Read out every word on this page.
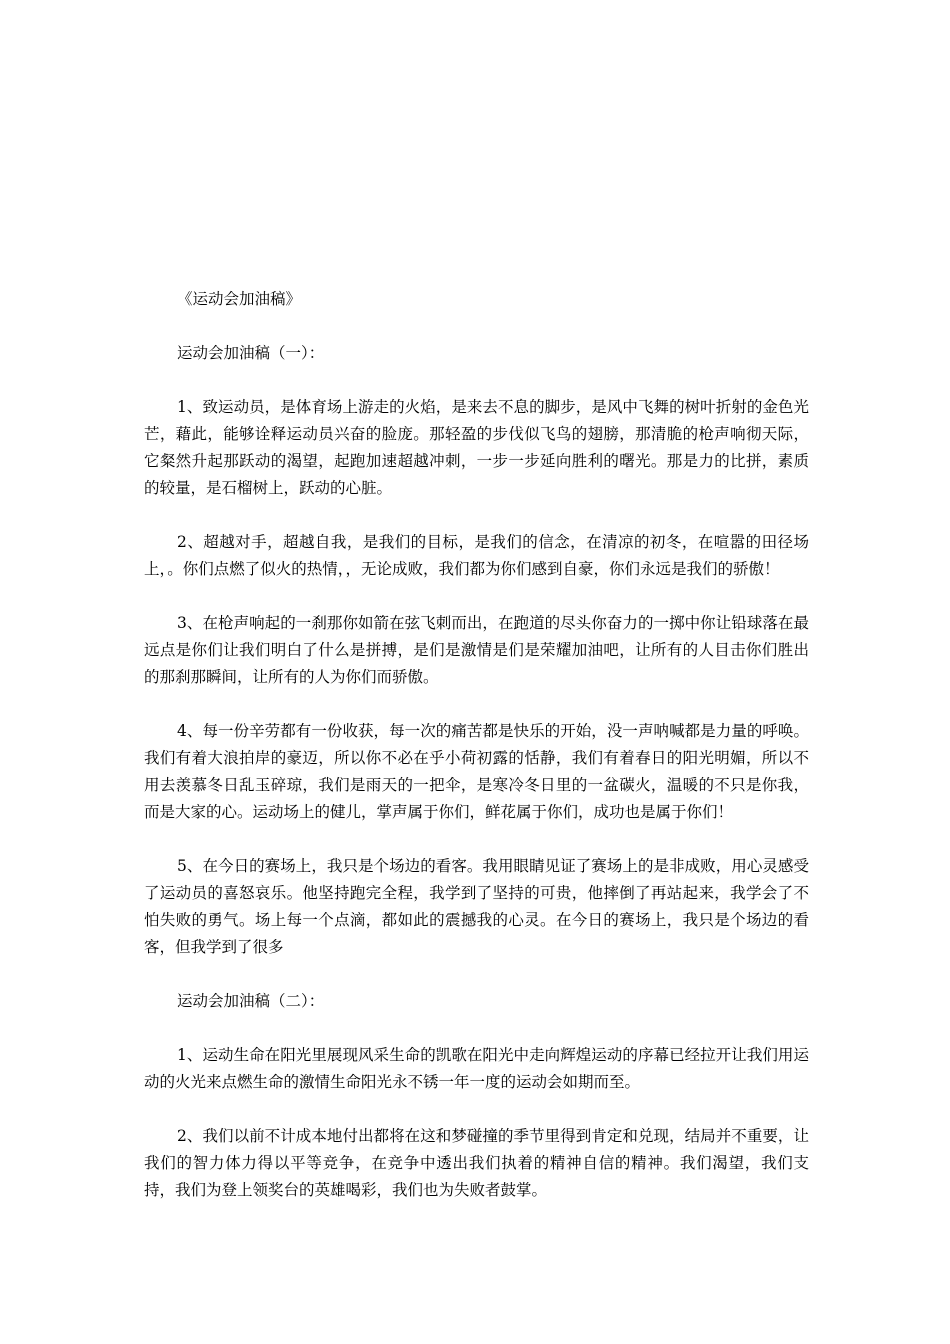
《运动会加油稿》

运动会加油稿（一）：

1、致运动员，是体育场上游走的火焰，是来去不息的脚步，是风中飞舞的树叶折射的金色光芒，藉此，能够诠释运动员兴奋的脸庞。那轻盈的步伐似飞鸟的翅膀，那清脆的枪声响彻天际，它粲然升起那跃动的渴望，起跑加速超越冲刺，一步一步延向胜利的曙光。那是力的比拼，素质的较量，是石榴树上，跃动的心脏。

2、超越对手，超越自我，是我们的目标，是我们的信念，在清凉的初冬，在喧嚣的田径场上，。你们点燃了似火的热情，，无论成败，我们都为你们感到自豪，你们永远是我们的骄傲！

3、在枪声响起的一刹那你如箭在弦飞刺而出，在跑道的尽头你奋力的一掷中你让铅球落在最远点是你们让我们明白了什么是拼搏，是们是激情是们是荣耀加油吧，让所有的人目击你们胜出的那刹那瞬间，让所有的人为你们而骄傲。

4、每一份辛劳都有一份收获，每一次的痛苦都是快乐的开始，没一声呐喊都是力量的呼唤。我们有着大浪拍岸的豪迈，所以你不必在乎小荷初露的恬静，我们有着春日的阳光明媚，所以不用去羡慕冬日乱玉碎琼，我们是雨天的一把伞，是寒冷冬日里的一盆碳火，温暖的不只是你我，而是大家的心。运动场上的健儿，掌声属于你们，鲜花属于你们，成功也是属于你们！

5、在今日的赛场上，我只是个场边的看客。我用眼睛见证了赛场上的是非成败，用心灵感受了运动员的喜怒哀乐。他坚持跑完全程，我学到了坚持的可贵，他摔倒了再站起来，我学会了不怕失败的勇气。场上每一个点滴，都如此的震撼我的心灵。在今日的赛场上，我只是个场边的看客，但我学到了很多

运动会加油稿（二）：

1、运动生命在阳光里展现风采生命的凯歌在阳光中走向辉煌运动的序幕已经拉开让我们用运动的火光来点燃生命的激情生命阳光永不锈一年一度的运动会如期而至。

2、我们以前不计成本地付出都将在这和梦碰撞的季节里得到肯定和兑现，结局并不重要，让我们的智力体力得以平等竞争，在竞争中透出我们执着的精神自信的精神。我们渴望，我们支持，我们为登上领奖台的英雄喝彩，我们也为失败者鼓掌。
